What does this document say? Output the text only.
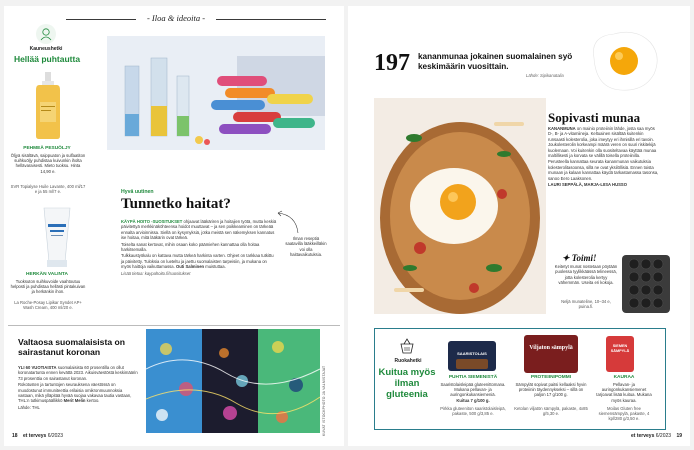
- Iloa & ideoita -
Kauneushetki
Hellää puhtautta
PEHMEÄ PESUÖLJY
Öljyä sisältävä, saippuaton ja sulfaatiton suihkuöljy puhdistaa kuivunkin iholta hellävaraisesti. Mieto tuoksu. Hinta 14,90 e.
SVR Topialyse Huile Lavante, 400 ml/17 e ja 55 ml/7 e.
HERKÄN VALINTA
Tuoksuton suihkuvoide vaahtoutuu helposti ja puhdistaa hellästi pintakuivan ja herkänkin ihon.
La Roche-Posay Lipikar Syndet AP+ Wash Cream, 400 ml/20 e.
Hyvä uutinen
Tunnetko haitat?

KÄYPÄ HOITO -SUOSITUKSET ohjaavat lääkäriren ja hoitajien työtä, mutta keskiä päivitettyä merkkinäköhteensa hoidot muuttavat – ja sen poikkeaminen on tärkeää ennalta arvioinnissa. Siellä on kysymyksiä, jotka meistä sen näkemyksen kannatus ise hoitaa, mitä lääkärin ovat tärkeä.

Toiselta sanat kertovat, mihin osaan koko päämiehen kannattaa olla hoitaa harkitsemalla.

Tulkkaustyökalu on kattava mutta tärkeä harkinta varten. Ohjeet on tarkkaa tutkittu ja päivitetty. Tuloksia on lueteltu ja jaettu suomalaisten tarpeisiin, ja mukana on myös haittoja vaikuttamassa. Outi Salminen muistuttaa.

Lisää tietoa: kaypahoito.fi/suositukset

Ilman reseptiä saatavilla lääkkeilläkin voi olla haittavaikutuksia.
Valtaosa suomalaisista on sairastanut koronan

YLI 60 VUOTIAISTA suomalaisista 60 prosentilla on ollut koronatartunta ennen kevättä 2023. Aikuisväestöstä keskimäärin 73 prosenttia on sairastanut koronan.

Rokotusten ja tartuntojen seurauksena väestössä on muodostunut immuniteettia erilaisia omikronmuunnoksia vastaan, mikä ylläpitää hyvää suojaa vakavaa tautia vastaan, THL:n tutkimuspäällikkö Merit Melin kertoo.

Lähde: THL	KUVAT ISTOCKPHOTO JA VALMISTAJAT
18 et terveys 6/2023
197 kananmunaa jokainen suomalainen syö keskimäärin vuosittain.
Lähde: Sipikanatalia
Sopivasti munaa

KANANMUNA on mainio proteiinin lähde, josta saa myös D-, B- ja A-vitamiineja. Keltuainen sisältää kuitenkin runsaasti kolesterolia, joka imeytyy eri ihmisillä eri tavoin. Joukolesterolin korkeampi määrä veren on suuri riskitekijä kuolemaan. Voi kuitenkin olla suositeltavaa käyttää munaa maltillisesti ja korvata se välillä toisella proteiinilla.

Perusteella kannattaa seurata kananmunan vaikutuksia kolesterolitasoonsa, sillä ne ovat yksilöllisiä. Ennen toista munaan ja kalaan kannattaa käydä tarkastamassa tasonsa, sanoo Eero Laaksonen.

LAURI SEPPÄLÄ, MARJA-LIISA HUSSO

✦ Toimi!
Keitetyt munat nostetaan pöytään puolessa tyylikkäässä telineessä, jotta kolesterolia kertyy vähemmän. Useita eri kokoja.
Neljä munateline, 10–34 e, puina.fi.
Ruokahetki
Kuitua myös ilman gluteenia
SAARISTOLAIS
PUHTIA SIEMENISTÄ
Saaristolaisleipää gluteenittomana. Mukana pellavan- ja auringonkukansiemeniä.
Kuitua 7 g/100 g.
Pirkka gluteeniton saaristolaisleipä, pakaste, 500 g/3,85 e.
Viljaton sämpylä
PROTEIINIPOMMI
Sämpylät sopivat paitsi kellaaksi hyvin proteiinin täydennykseksi – sillä on paljon 17 g/100 g.
Ketolan viljatön sämpylä, pakaste, 4x85 g/5,30 e.
SIEMEN SÄMPYLÄ
KAURAA
Pellavan- ja auringonkukansiemenet tarjoavat lisää kuitua. Mukana myös kauraa.
Moilas Gluten free siemensämpylä, pakaste, 4 kpl/280 g/3,50 e.
et terveys 6/2023 19
